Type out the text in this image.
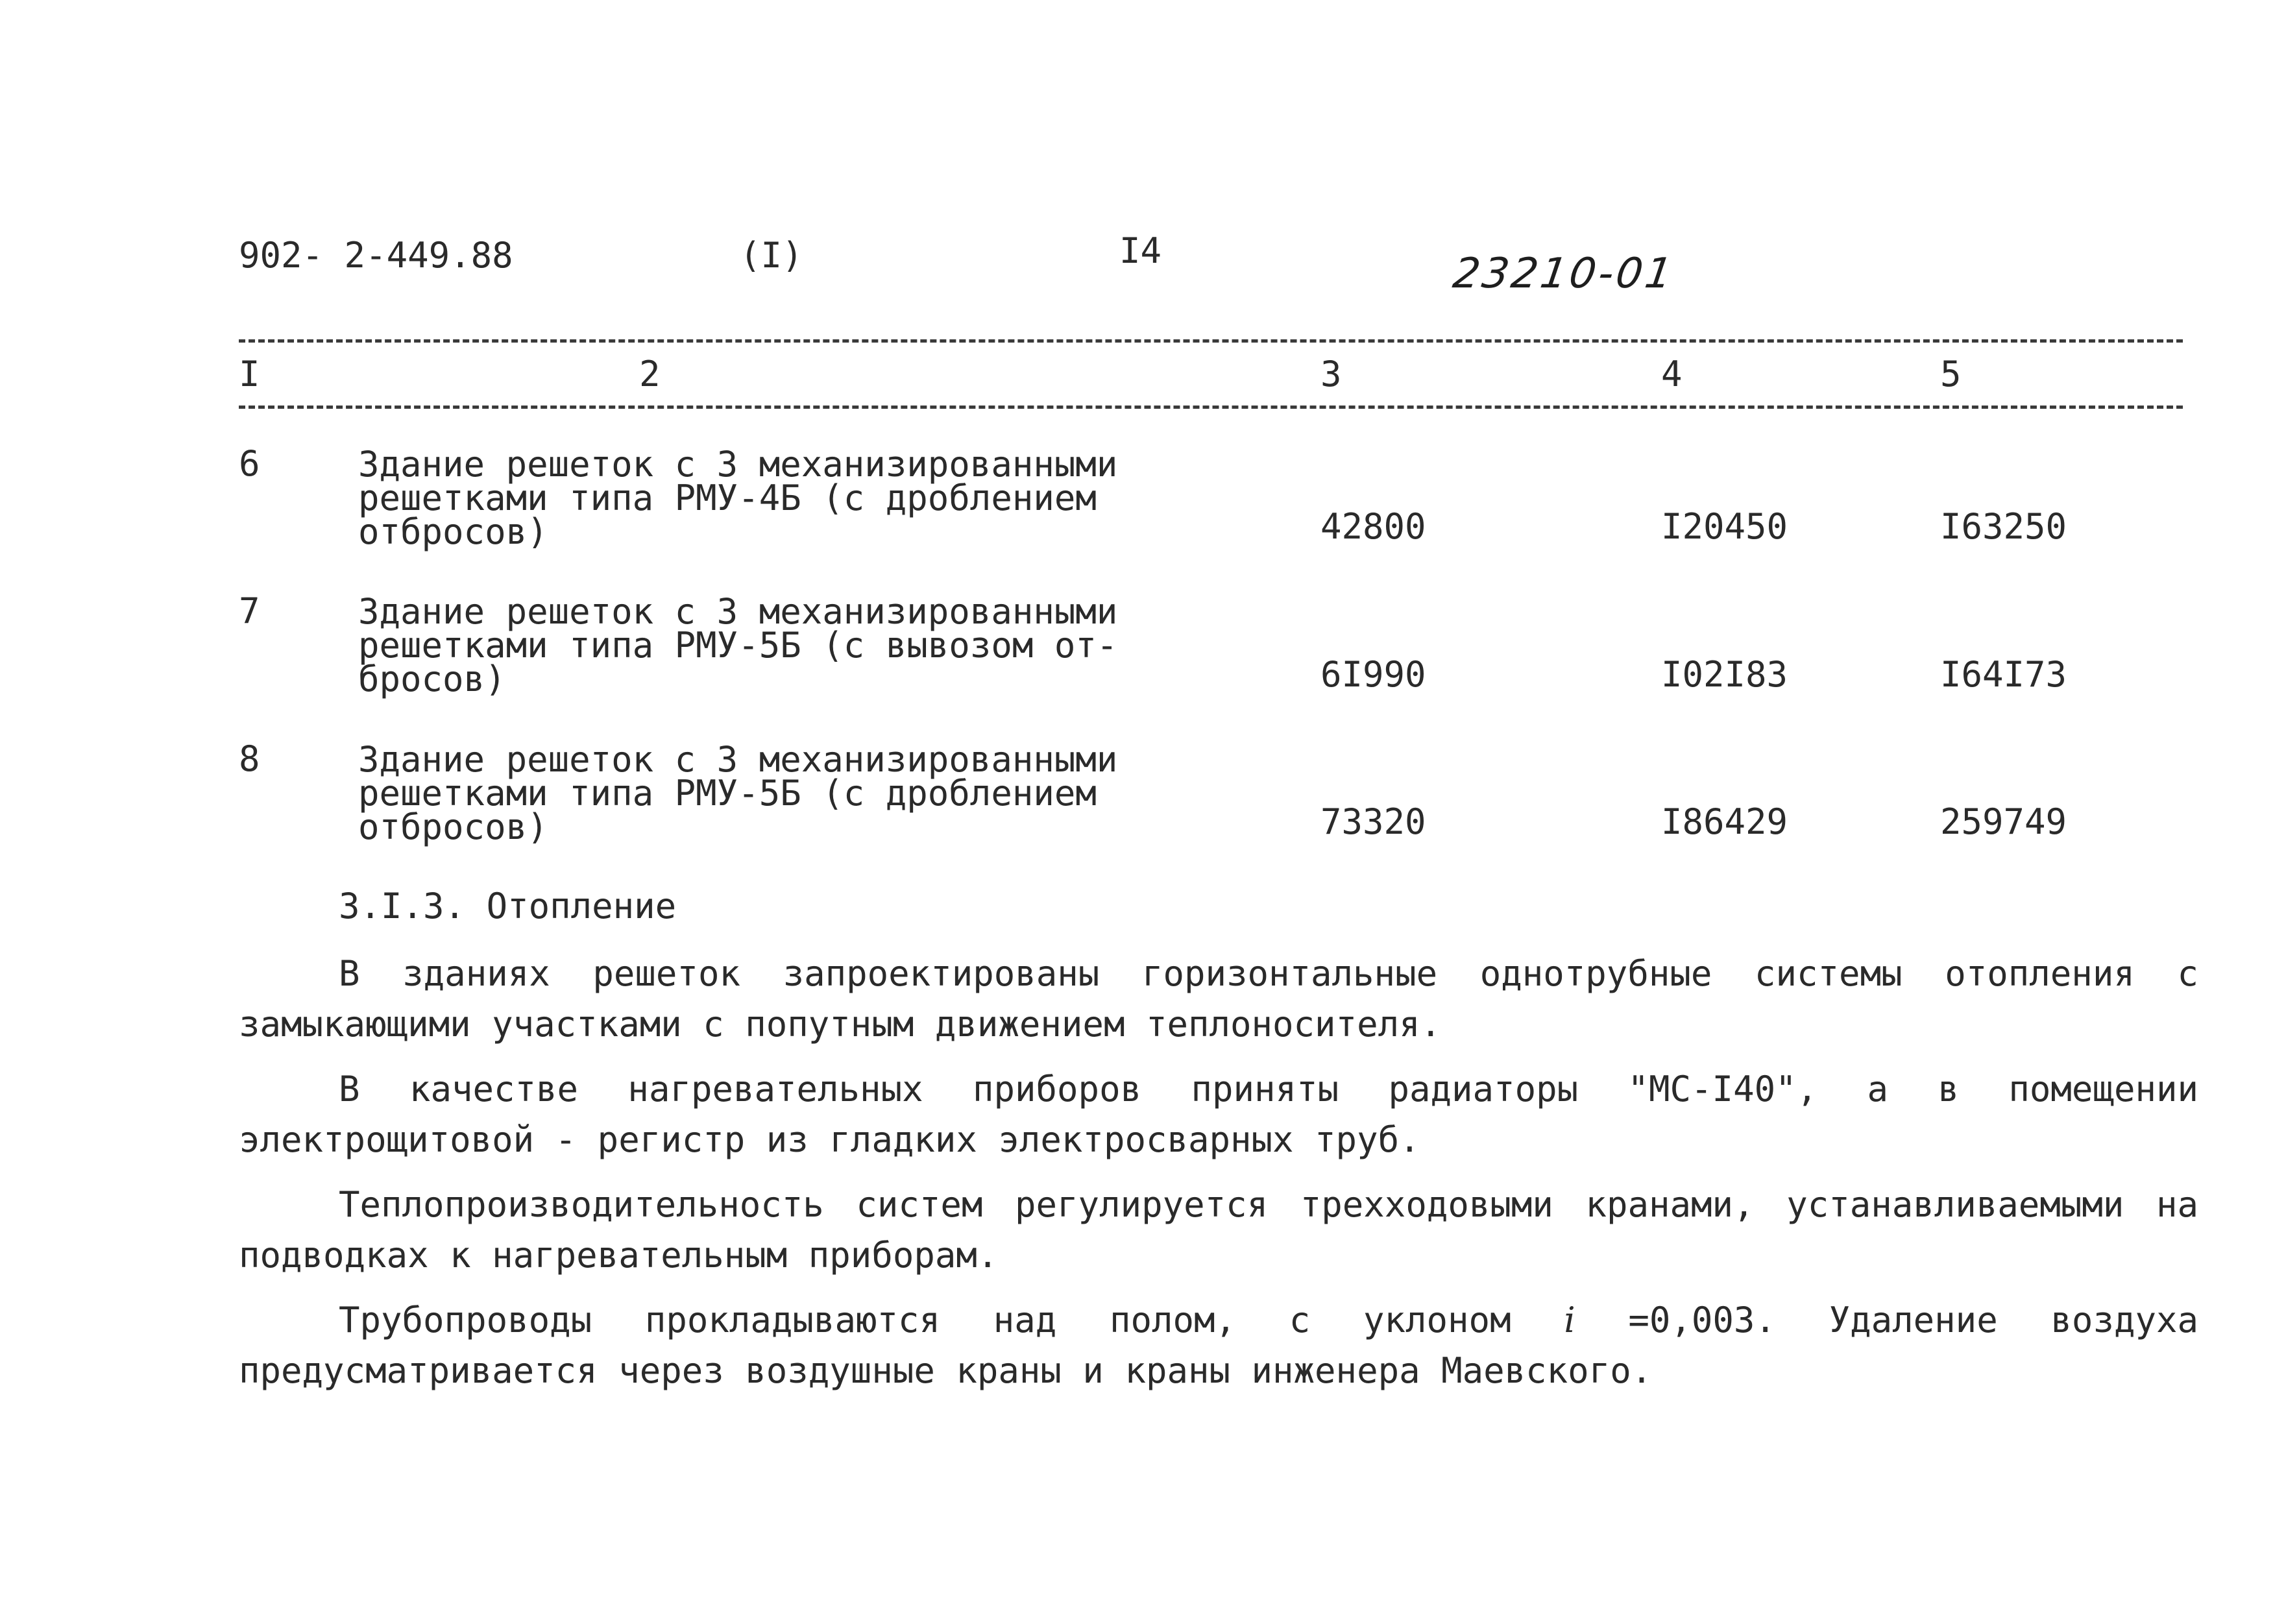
902- 2-449.88	(I)	I4	23210-01
I	2	3	4	5
6	Здание решеток с 3 механизированными
решетками типа РМУ-4Б (с дроблением
отбросов)	42800	I20450	I63250
7	Здание решеток с 3 механизированными
решетками типа РМУ-5Б (с вывозом от-
бросов)	6I990	I02I83	I64I73
8	Здание решеток с 3 механизированными
решетками типа РМУ-5Б (с дроблением
отбросов)	73320	I86429	259749
3.I.3. Отопление
В зданиях решеток запроектированы горизонтальные однотрубные системы отопления с замыкающими участками с попутным движением теплоносителя.
В качестве нагревательных приборов приняты радиаторы "МС-I40", а в помещении электрощитовой - регистр из гладких электросварных труб.
Теплопроизводительность систем регулируется трехходовыми кранами, устанавливаемыми на подводках к нагревательным приборам.
Трубопроводы прокладываются над полом, с уклоном i =0,003. Удаление воздуха предусматривается через воздушные краны и краны инженера Маевского.
